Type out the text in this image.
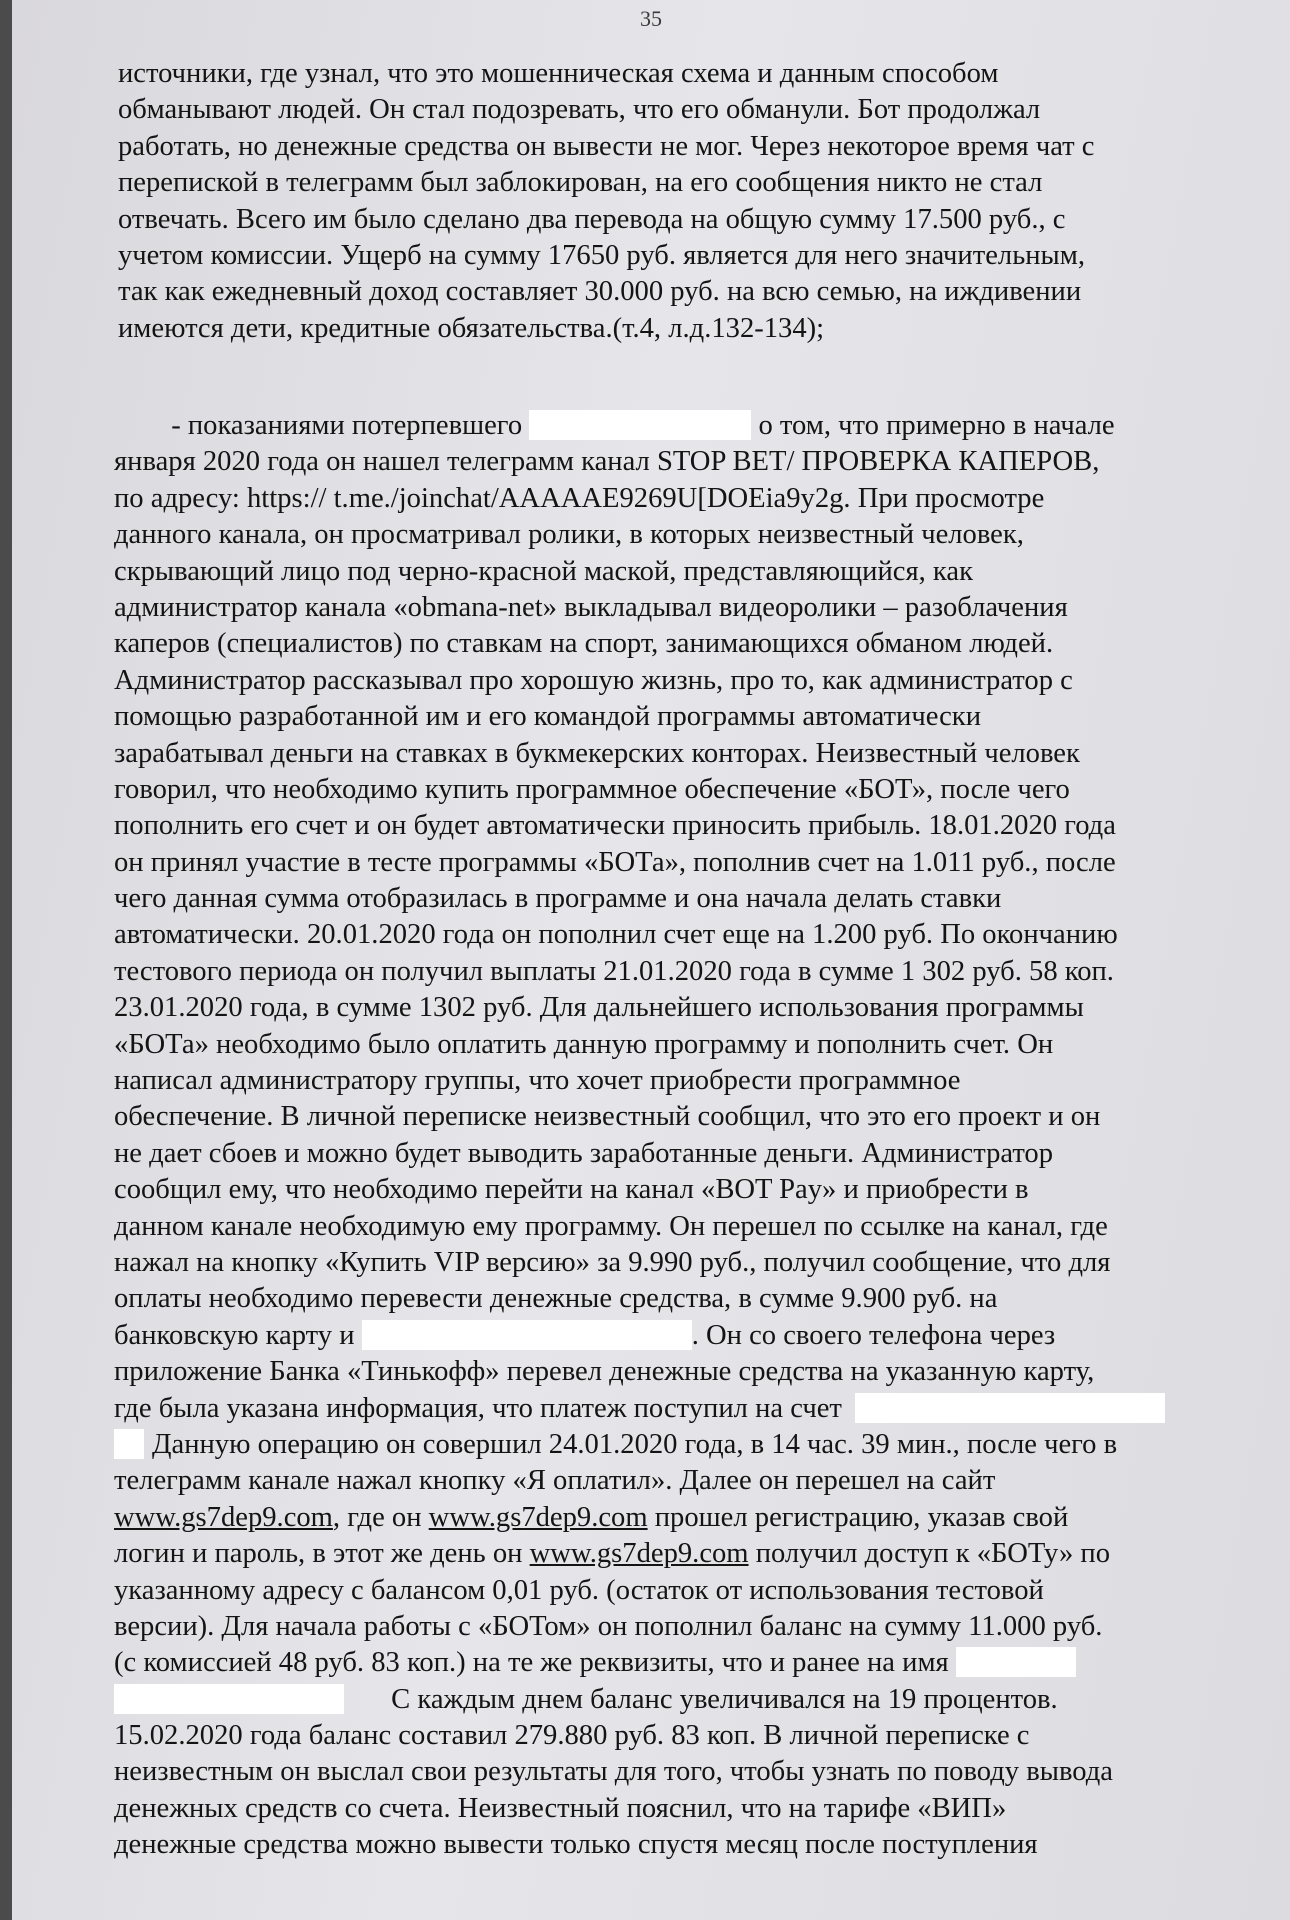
35
источники, где узнал, что это мошенническая схема и данным способом
обманывают людей. Он стал подозревать, что его обманули. Бот продолжал
работать, но денежные средства он вывести не мог. Через некоторое время чат с
перепиской в телеграмм был заблокирован, на его сообщения никто не стал
отвечать. Всего им было сделано два перевода на общую сумму 17.500 руб., с
учетом комиссии. Ущерб на сумму 17650 руб. является для него значительным,
так как ежедневный доход составляет 30.000 руб. на всю семью, на иждивении
имеются дети, кредитные обязательства.(т.4, л.д.132-134);
- показаниями потерпевшего	о том, что примерно в начале
января 2020 года он нашел телеграмм канал STOP BET/ ПРОВЕРКА КАПЕРОВ,
по адресу: https:// t.me./joinchat/AAAAAE9269U[DOEia9y2g. При просмотре
данного канала, он просматривал ролики, в которых неизвестный человек,
скрывающий лицо под черно-красной маской, представляющийся, как
администратор канала «obmana-net» выкладывал видеоролики – разоблачения
каперов (специалистов) по ставкам на спорт, занимающихся обманом людей.
Администратор рассказывал про хорошую жизнь, про то, как администратор с
помощью разработанной им и его командой программы автоматически
зарабатывал деньги на ставках в букмекерских конторах. Неизвестный человек
говорил, что необходимо купить программное обеспечение «БОТ», после чего
пополнить его счет и он будет автоматически приносить прибыль. 18.01.2020 года
он принял участие в тесте программы «БОТа», пополнив счет на 1.011 руб., после
чего данная сумма отобразилась в программе и она начала делать ставки
автоматически. 20.01.2020 года он пополнил счет еще на 1.200 руб. По окончанию
тестового периода он получил выплаты 21.01.2020 года в сумме 1 302 руб. 58 коп.
23.01.2020 года, в сумме 1302 руб. Для дальнейшего использования программы
«БОТа» необходимо было оплатить данную программу и пополнить счет. Он
написал администратору группы, что хочет приобрести программное
обеспечение. В личной переписке неизвестный сообщил, что это его проект и он
не дает сбоев и можно будет выводить заработанные деньги. Администратор
сообщил ему, что необходимо перейти на канал «BOT Pay» и приобрести в
данном канале необходимую ему программу. Он перешел по ссылке на канал, где
нажал на кнопку «Купить VIP версию» за 9.990 руб., получил сообщение, что для
оплаты необходимо перевести денежные средства, в сумме 9.900 руб. на
банковскую карту и	. Он со своего телефона через
приложение Банка «Тинькофф» перевел денежные средства на указанную карту,
где была указана информация, что платеж поступил на счет
Данную операцию он совершил 24.01.2020 года, в 14 час. 39 мин., после чего в
телеграмм канале нажал кнопку «Я оплатил». Далее он перешел на сайт
www.gs7dep9.com, где он www.gs7dep9.com прошел регистрацию, указав свой
логин и пароль, в этот же день он www.gs7dep9.com получил доступ к «БОТу» по
указанному адресу с балансом 0,01 руб. (остаток от использования тестовой
версии). Для начала работы с «БОТом» он пополнил баланс на сумму 11.000 руб.
(с комиссией 48 руб. 83 коп.) на те же реквизиты, что и ранее на имя
С каждым днем баланс увеличивался на 19 процентов.
15.02.2020 года баланс составил 279.880 руб. 83 коп. В личной переписке с
неизвестным он выслал свои результаты для того, чтобы узнать по поводу вывода
денежных средств со счета. Неизвестный пояснил, что на тарифе «ВИП»
денежные средства можно вывести только спустя месяц после поступления
